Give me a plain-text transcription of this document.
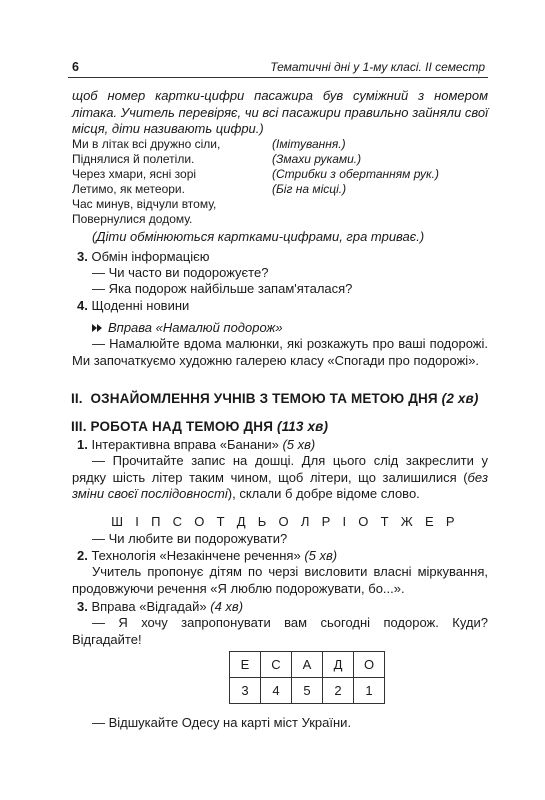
6	Тематичні дні у 1-му класі. ІІ семестр
щоб номер картки-цифри пасажира був суміжний з номером літака. Учитель перевіряє, чи всі пасажири правильно зайняли свої місця, діти називають цифри.)
Ми в літак всі дружно сіли,	(Імітування.)
Піднялися й полетіли.	(Змахи руками.)
Через хмари, ясні зорі	(Стрибки з обертанням рук.)
Летимо, як метеори.	(Біг на місці.)
Час минув, відчули втому,
Повернулися додому.
(Діти обмінюються картками-цифрами, гра триває.)
3. Обмін інформацією
— Чи часто ви подорожуєте?
— Яка подорож найбільше запам'яталася?
4. Щоденні новини
Вправа «Намалюй подорож»
— Намалюйте вдома малюнки, які розкажуть про ваші подорожі. Ми започаткуємо художню галерею класу «Спогади про подорожі».
ІІ. ОЗНАЙОМЛЕННЯ УЧНІВ З ТЕМОЮ ТА МЕТОЮ ДНЯ (2 хв)
ІІІ. РОБОТА НАД ТЕМОЮ ДНЯ (113 хв)
1. Інтерактивна вправа «Банани» (5 хв)
— Прочитайте запис на дошці. Для цього слід закреслити у рядку шість літер таким чином, щоб літери, що залишилися (без зміни своєї послідовності), склали б добре відоме слово.
Ш І П С О Т Д Ь О Л Р І О Т Ж Е Р
— Чи любите ви подорожувати?
2. Технологія «Незакінчене речення» (5 хв)
Учитель пропонує дітям по черзі висловити власні міркування, продовжуючи речення «Я люблю подорожувати, бо...».
3. Вправа «Відгадай» (4 хв)
— Я хочу запропонувати вам сьогодні подорож. Куди? Відгадайте!
Е	С	А	Д	О
3	4	5	2	1
— Відшукайте Одесу на карті міст України.
